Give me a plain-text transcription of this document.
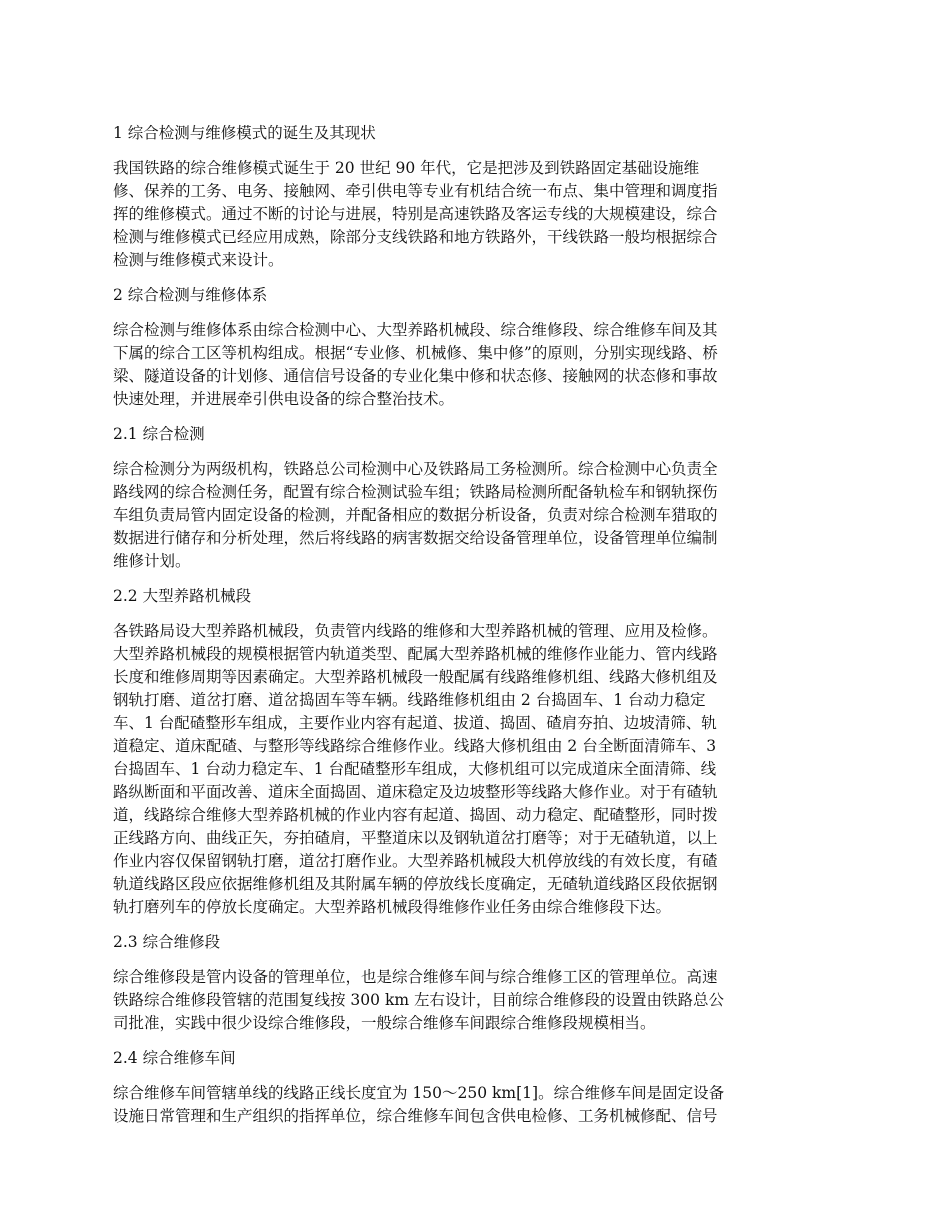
1 综合检测与维修模式的诞生及其现状

我国铁路的综合维修模式诞生于 20 世纪 90 年代，它是把涉及到铁路固定基础设施维
修、保养的工务、电务、接触网、牵引供电等专业有机结合统一布点、集中管理和调度指
挥的维修模式。通过不断的讨论与进展，特别是高速铁路及客运专线的大规模建设，综合
检测与维修模式已经应用成熟，除部分支线铁路和地方铁路外，干线铁路一般均根据综合
检测与维修模式来设计。

2 综合检测与维修体系

综合检测与维修体系由综合检测中心、大型养路机械段、综合维修段、综合维修车间及其
下属的综合工区等机构组成。根据“专业修、机械修、集中修”的原则，分别实现线路、桥
梁、隧道设备的计划修、通信信号设备的专业化集中修和状态修、接触网的状态修和事故
快速处理，并进展牵引供电设备的综合整治技术。

2.1 综合检测

综合检测分为两级机构，铁路总公司检测中心及铁路局工务检测所。综合检测中心负责全
路线网的综合检测任务，配置有综合检测试验车组；铁路局检测所配备轨检车和钢轨探伤
车组负责局管内固定设备的检测，并配备相应的数据分析设备，负责对综合检测车猎取的
数据进行储存和分析处理，然后将线路的病害数据交给设备管理单位，设备管理单位编制
维修计划。

2.2 大型养路机械段

各铁路局设大型养路机械段，负责管内线路的维修和大型养路机械的管理、应用及检修。
大型养路机械段的规模根据管内轨道类型、配属大型养路机械的维修作业能力、管内线路
长度和维修周期等因素确定。大型养路机械段一般配属有线路维修机组、线路大修机组及
钢轨打磨、道岔打磨、道岔捣固车等车辆。线路维修机组由 2 台捣固车、1 台动力稳定
车、1 台配碴整形车组成，主要作业内容有起道、拔道、捣固、碴肩夯拍、边坡清筛、轨
道稳定、道床配碴、与整形等线路综合维修作业。线路大修机组由 2 台全断面清筛车、3
台捣固车、1 台动力稳定车、1 台配碴整形车组成，大修机组可以完成道床全面清筛、线
路纵断面和平面改善、道床全面捣固、道床稳定及边坡整形等线路大修作业。对于有碴轨
道，线路综合维修大型养路机械的作业内容有起道、捣固、动力稳定、配碴整形，同时拨
正线路方向、曲线正矢，夯拍碴肩，平整道床以及钢轨道岔打磨等；对于无碴轨道，以上
作业内容仅保留钢轨打磨，道岔打磨作业。大型养路机械段大机停放线的有效长度，有碴
轨道线路区段应依据维修机组及其附属车辆的停放线长度确定，无碴轨道线路区段依据钢
轨打磨列车的停放长度确定。大型养路机械段得维修作业任务由综合维修段下达。

2.3 综合维修段

综合维修段是管内设备的管理单位，也是综合维修车间与综合维修工区的管理单位。高速
铁路综合维修段管辖的范围复线按 300 km 左右设计，目前综合维修段的设置由铁路总公
司批准，实践中很少设综合维修段，一般综合维修车间跟综合维修段规模相当。

2.4 综合维修车间

综合维修车间管辖单线的线路正线长度宜为 150～250 km[1]。综合维修车间是固定设备
设施日常管理和生产组织的指挥单位，综合维修车间包含供电检修、工务机械修配、信号
